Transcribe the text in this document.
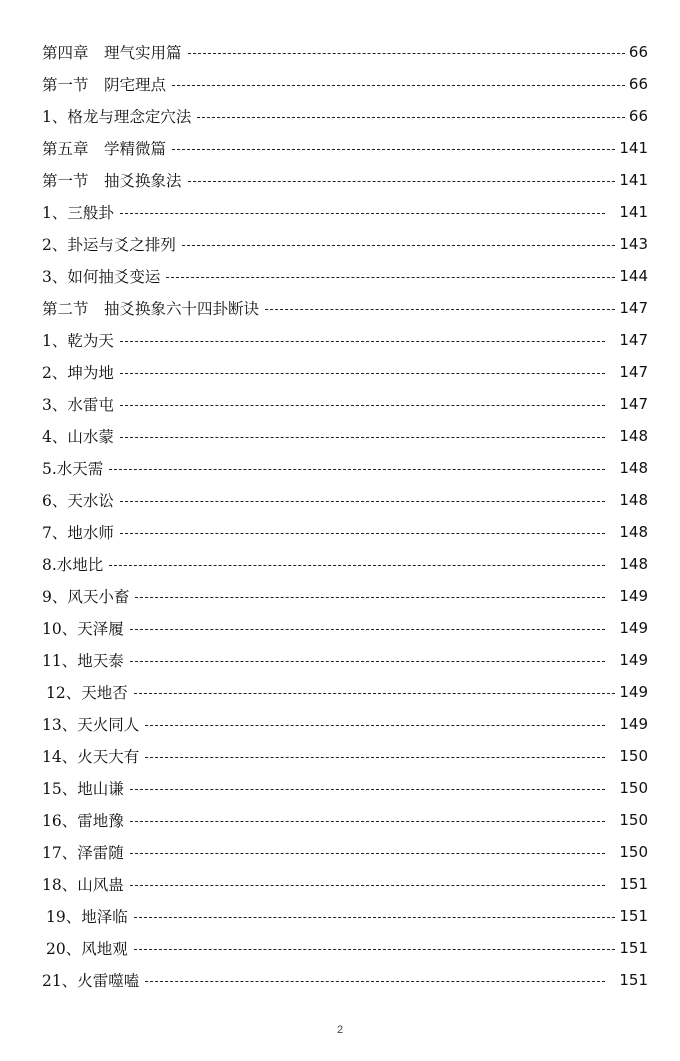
第四章　理气实用篇	66
第一节　阴宅理点	66
1、格龙与理念定穴法	66
第五章　学精微篇	141
第一节　抽爻换象法	141
1、三般卦	141
2、卦运与爻之排列	143
3、如何抽爻变运	144
第二节　抽爻换象六十四卦断诀	147
1、乾为天	147
2、坤为地	147
3、水雷屯	147
4、山水蒙	148
5.水天需	148
6、天水讼	148
7、地水师	148
8.水地比	148
9、风天小畜	149
10、天泽履	149
11、地天泰	149
12、天地否	149
13、天火同人	149
14、火天大有	150
15、地山谦	150
16、雷地豫	150
17、泽雷随	150
18、山风蛊	151
19、地泽临	151
20、风地观	151
21、火雷噬嗑	151
2
